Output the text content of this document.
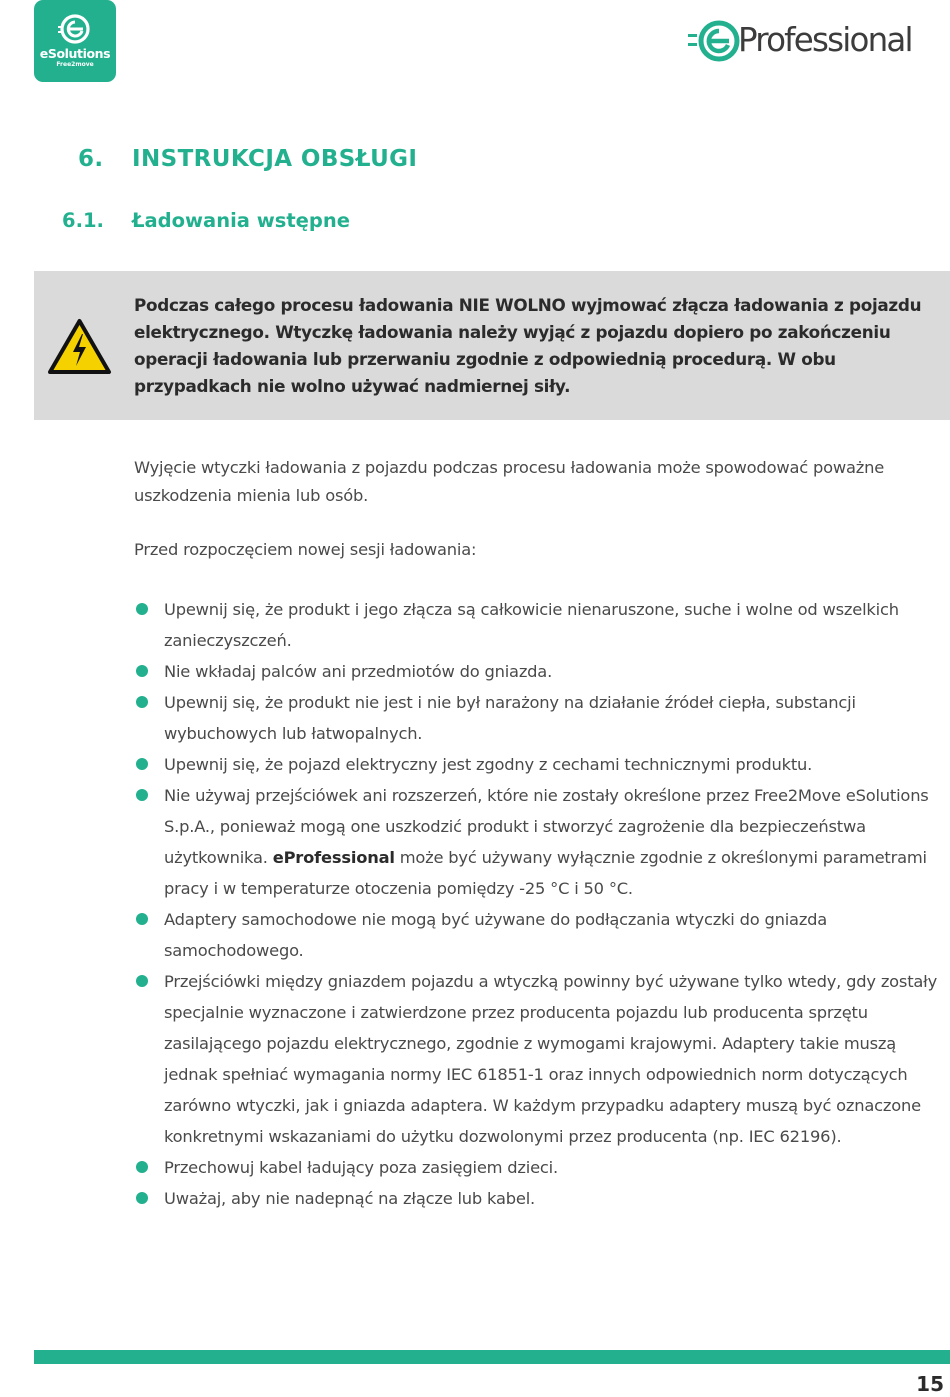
eSolutions
Free2move
Professional
6. INSTRUKCJA OBSŁUGI
6.1. Ładowania wstępne
Podczas całego procesu ładowania NIE WOLNO wyjmować złącza ładowania z pojazdu elektrycznego. Wtyczkę ładowania należy wyjąć z pojazdu dopiero po zakończeniu operacji ładowania lub przerwaniu zgodnie z odpowiednią procedurą. W obu przypadkach nie wolno używać nadmiernej siły.
Wyjęcie wtyczki ładowania z pojazdu podczas procesu ładowania może spowodować poważne uszkodzenia mienia lub osób.
Przed rozpoczęciem nowej sesji ładowania:
Upewnij się, że produkt i jego złącza są całkowicie nienaruszone, suche i wolne od wszelkich zanieczyszczeń.
Nie wkładaj palców ani przedmiotów do gniazda.
Upewnij się, że produkt nie jest i nie był narażony na działanie źródeł ciepła, substancji wybuchowych lub łatwopalnych.
Upewnij się, że pojazd elektryczny jest zgodny z cechami technicznymi produktu.
Nie używaj przejściówek ani rozszerzeń, które nie zostały określone przez Free2Move eSolutions S.p.A., ponieważ mogą one uszkodzić produkt i stworzyć zagrożenie dla bezpieczeństwa użytkownika. eProfessional może być używany wyłącznie zgodnie z określonymi parametrami pracy i w temperaturze otoczenia pomiędzy -25 °C i 50 °C.
Adaptery samochodowe nie mogą być używane do podłączania wtyczki do gniazda samochodowego.
Przejściówki między gniazdem pojazdu a wtyczką powinny być używane tylko wtedy, gdy zostały specjalnie wyznaczone i zatwierdzone przez producenta pojazdu lub producenta sprzętu zasilającego pojazdu elektrycznego, zgodnie z wymogami krajowymi. Adaptery takie muszą jednak spełniać wymagania normy IEC 61851-1 oraz innych odpowiednich norm dotyczących zarówno wtyczki, jak i gniazda adaptera. W każdym przypadku adaptery muszą być oznaczone konkretnymi wskazaniami do użytku dozwolonymi przez producenta (np. IEC 62196).
Przechowuj kabel ładujący poza zasięgiem dzieci.
Uważaj, aby nie nadepnąć na złącze lub kabel.
15
